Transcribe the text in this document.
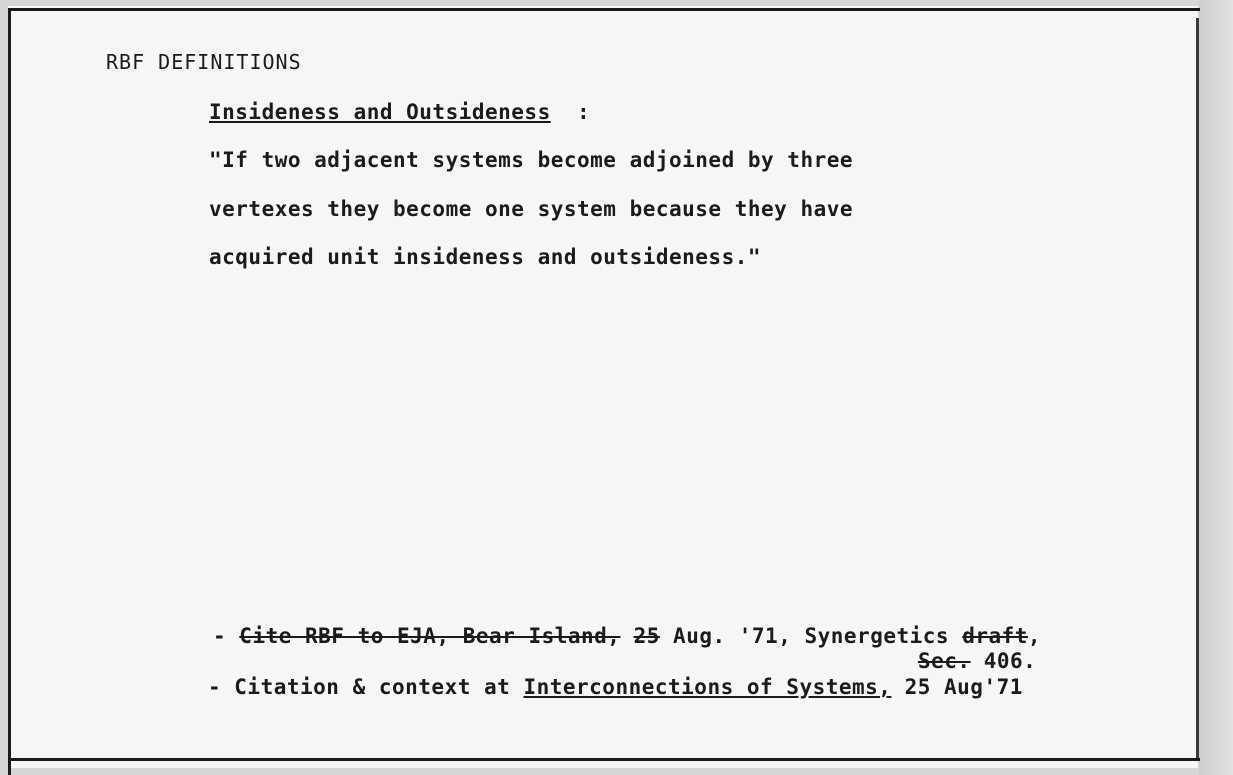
RBF DEFINITIONS
Insideness and Outsideness :
"If two adjacent systems become adjoined by three
vertexes they become one system because they have
acquired unit insideness and outsideness."
- Cite RBF to EJA, Bear Island, 25 Aug. '71, Synergetics draft,
Sec. 406.
- Citation & context at Interconnections of Systems, 25 Aug'71
